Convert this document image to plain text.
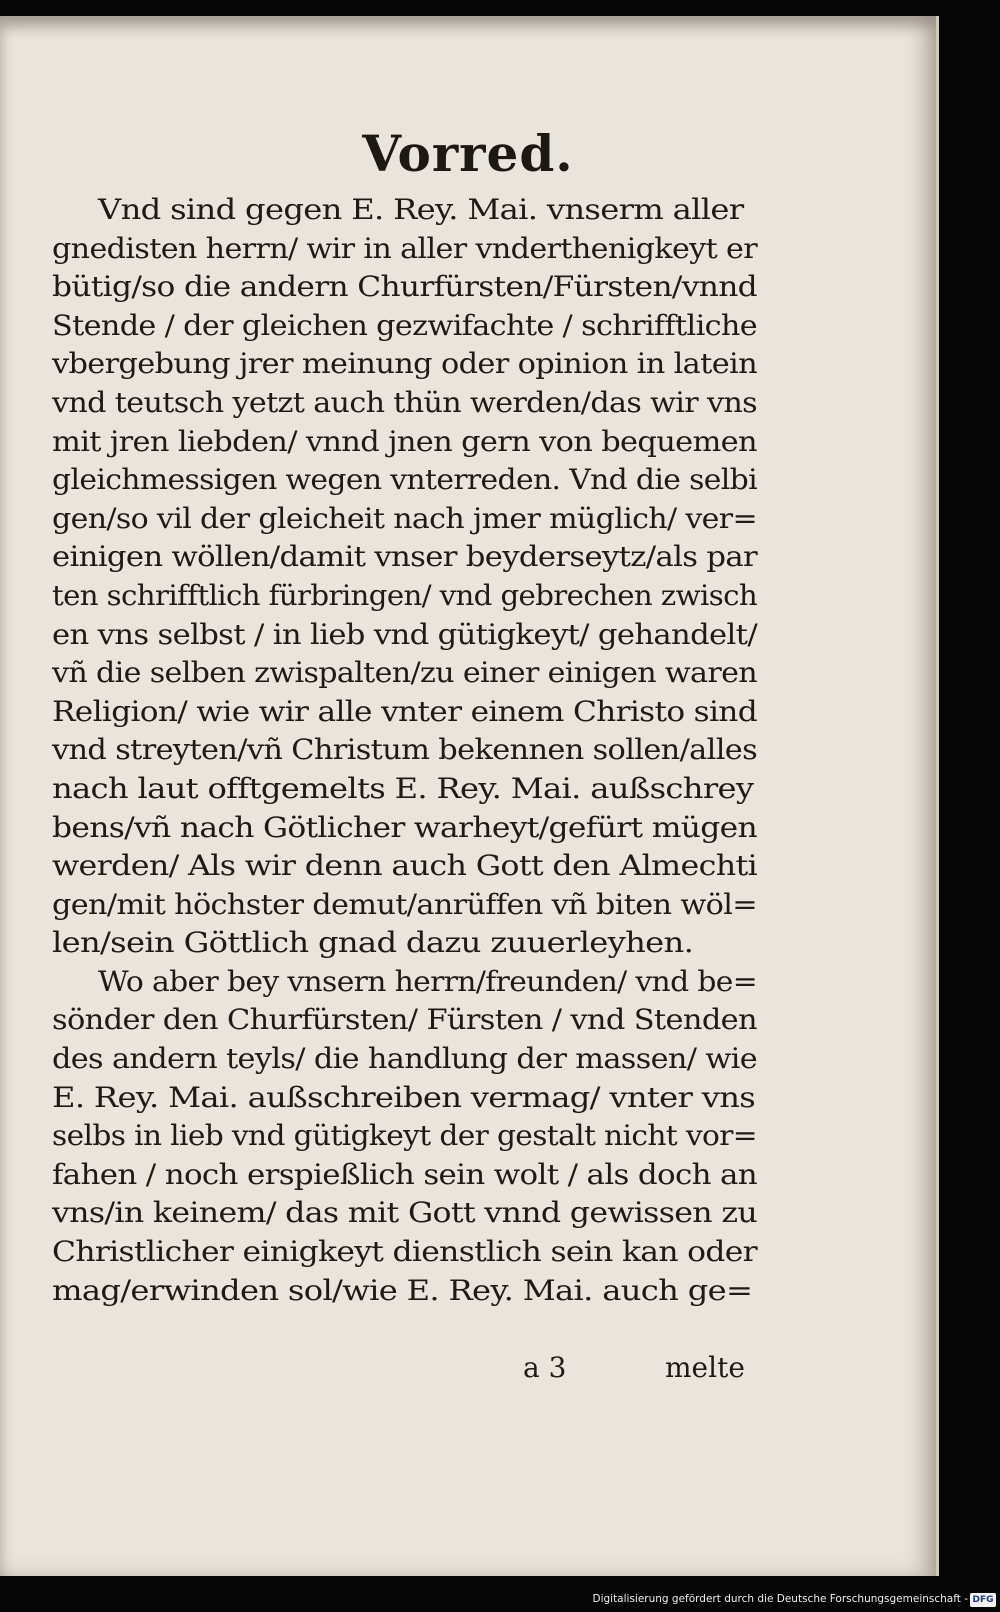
Vorred.
Vnd sind gegen E. Rey. Mai. vnserm aller
gnedisten herrn/ wir in aller vnderthenigkeyt er
bütig/so die andern Churfürsten/Fürsten/vnnd
Stende / der gleichen gezwifachte / schrifftliche
vbergebung jrer meinung oder opinion in latein
vnd teutsch yetzt auch thün werden/das wir vns
mit jren liebden/ vnnd jnen gern von bequemen
gleichmessigen wegen vnterreden. Vnd die selbi
gen/so vil der gleicheit nach jmer müglich/ ver=
einigen wöllen/damit vnser beyderseytz/als par
ten schrifftlich fürbringen/ vnd gebrechen zwisch
en vns selbst / in lieb vnd gütigkeyt/ gehandelt/
vñ die selben zwispalten/zu einer einigen waren
Religion/ wie wir alle vnter einem Christo sind
vnd streyten/vñ Christum bekennen sollen/alles
nach laut offtgemelts E. Rey. Mai. außschrey
bens/vñ nach Götlicher warheyt/gefürt mügen
werden/ Als wir denn auch Gott den Almechti
gen/mit höchster demut/anrüffen vñ biten wöl=
len/sein Göttlich gnad dazu zuuerleyhen.
Wo aber bey vnsern herrn/freunden/ vnd be=
sönder den Churfürsten/ Fürsten / vnd Stenden
des andern teyls/ die handlung der massen/ wie
E. Rey. Mai. außschreiben vermag/ vnter vns
selbs in lieb vnd gütigkeyt der gestalt nicht vor=
fahen / noch erspießlich sein wolt / als doch an
vns/in keinem/ das mit Gott vnnd gewissen zu
Christlicher einigkeyt dienstlich sein kan oder
mag/erwinden sol/wie E. Rey. Mai. auch ge=
a 3	melte
Digitalisierung gefördert durch die Deutsche Forschungsgemeinschaft - DFG
